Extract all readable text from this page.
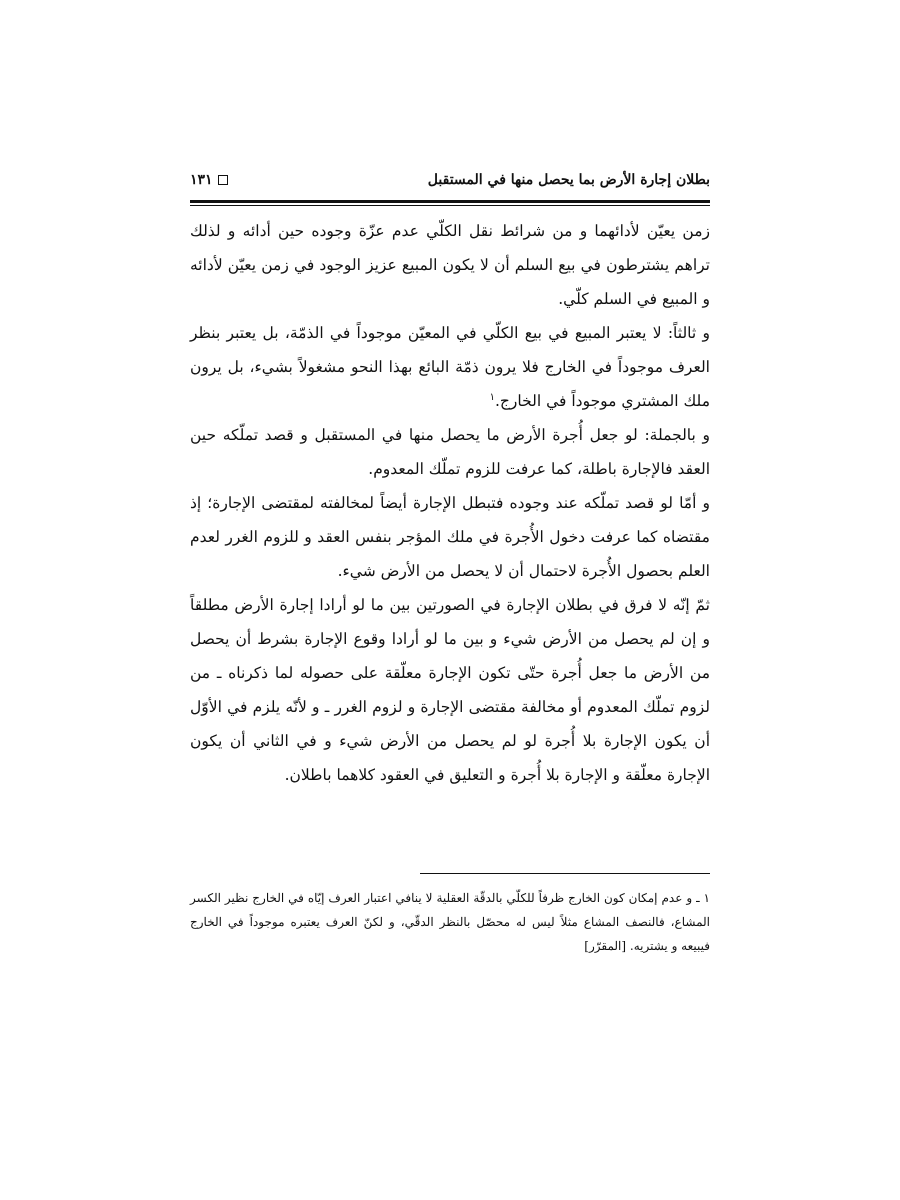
بطلان إجارة الأرض بما يحصل منها في المستقبل
١٣١

زمن يعيّن لأدائهما و من شرائط نقل الكلّي عدم عزّة وجوده حين أدائه و لذلك تراهم يشترطون في بيع السلم أن لا يكون المبيع عزيز الوجود في زمن يعيّن لأدائه و المبيع في السلم كلّي.

و ثالثاً: لا يعتبر المبيع في بيع الكلّي في المعيّن موجوداً في الذمّة، بل يعتبر بنظر العرف موجوداً في الخارج فلا يرون ذمّة البائع بهذا النحو مشغولاً بشيء، بل يرون ملك المشتري موجوداً في الخارج.$^١$

و بالجملة: لو جعل أُجرة الأرض ما يحصل منها في المستقبل و قصد تملّكه حين العقد فالإجارة باطلة، كما عرفت للزوم تملّك المعدوم.

و أمّا لو قصد تملّكه عند وجوده فتبطل الإجارة أيضاً لمخالفته لمقتضى الإجارة؛ إذ مقتضاه كما عرفت دخول الأُجرة في ملك المؤجر بنفس العقد و للزوم الغرر لعدم العلم بحصول الأُجرة لاحتمال أن لا يحصل من الأرض شيء.

ثمّ إنّه لا فرق في بطلان الإجارة في الصورتين بين ما لو أرادا إجارة الأرض مطلقاً و إن لم يحصل من الأرض شيء و بين ما لو أرادا وقوع الإجارة بشرط أن يحصل من الأرض ما جعل أُجرة حتّى تكون الإجارة معلّقة على حصوله لما ذكرناه ـ من لزوم تملّك المعدوم أو مخالفة مقتضى الإجارة و لزوم الغرر ـ و لأنّه يلزم في الأوّل أن يكون الإجارة بلا أُجرة لو لم يحصل من الأرض شيء و في الثاني أن يكون الإجارة معلّقة و الإجارة بلا أُجرة و التعليق في العقود كلاهما باطلان.

١ ـ و عدم إمكان كون الخارج ظرفاً للكلّي بالدقّة العقلية لا ينافي اعتبار العرف إيّاه في الخارج نظير الكسر المشاع، فالنصف المشاع مثلاً ليس له محصّل بالنظر الدقّي، و لكنّ العرف يعتبره موجوداً في الخارج فيبيعه و يشتريه. [المقرّر]
